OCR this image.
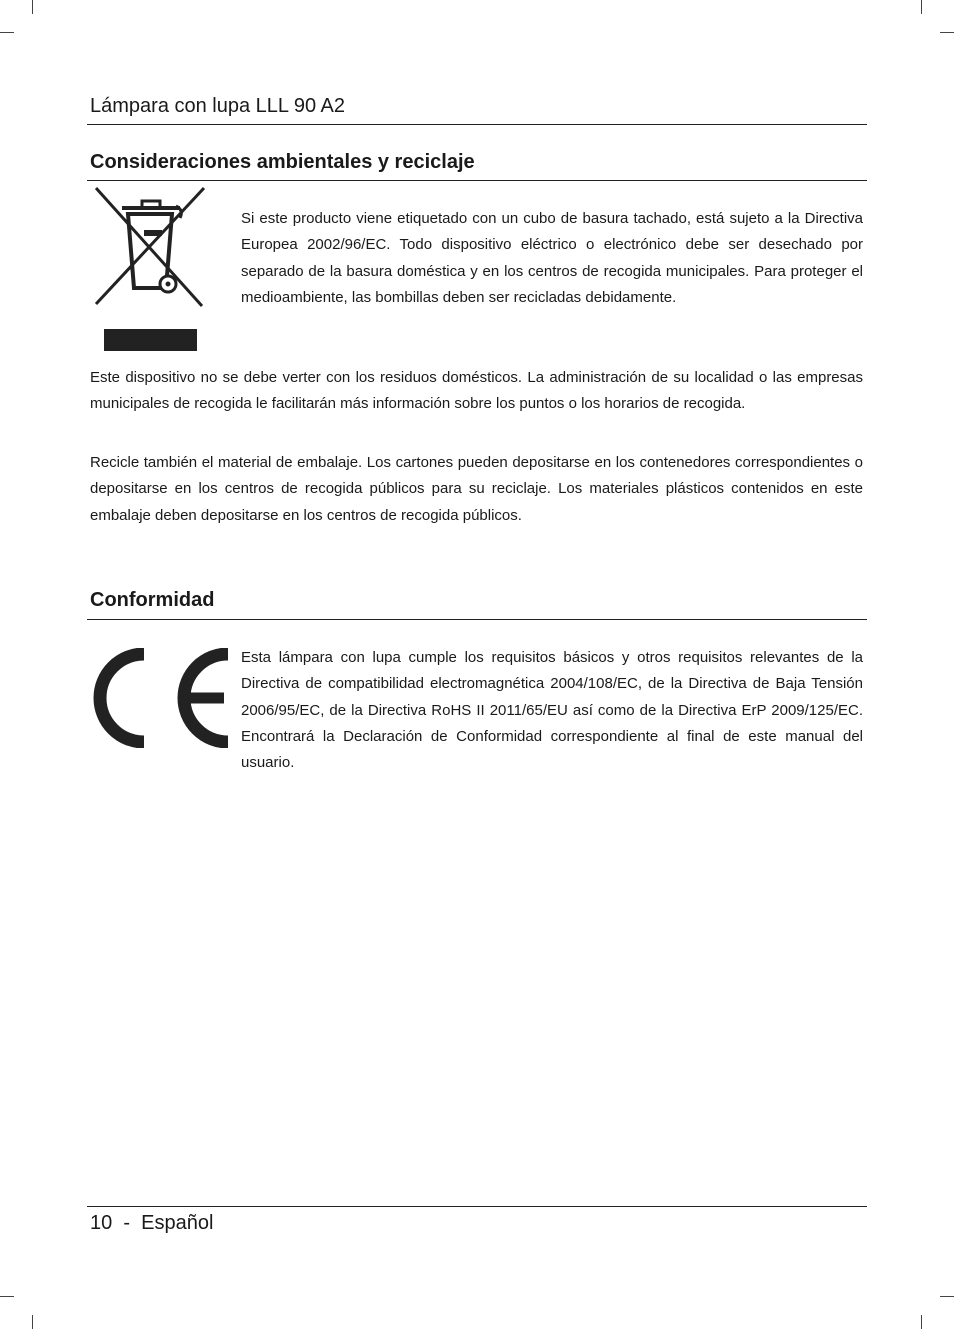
Lámpara con lupa LLL 90 A2
Consideraciones ambientales y reciclaje

Si este producto viene etiquetado con un cubo de basura tachado, está sujeto a la Directiva Europea 2002/96/EC. Todo dispositivo eléctrico o electrónico debe ser desechado por separado de la basura doméstica y en los centros de recogida municipales. Para proteger el medioambiente, las bombillas deben ser recicladas debidamente.

Este dispositivo no se debe verter con los residuos domésticos. La administración de su localidad o las empresas municipales de recogida le facilitarán más información sobre los puntos o los horarios de recogida.

Recicle también el material de embalaje. Los cartones pueden depositarse en los contenedores correspondientes o depositarse en los centros de recogida públicos para su reciclaje. Los materiales plásticos contenidos en este embalaje deben depositarse en los centros de recogida públicos.

Conformidad

Esta lámpara con lupa cumple los requisitos básicos y otros requisitos relevantes de la Directiva de compatibilidad electromagnética 2004/108/EC, de la Directiva de Baja Tensión 2006/95/EC, de la Directiva RoHS II 2011/65/EU así como de la Directiva ErP 2009/125/EC. Encontrará la Declaración de Conformidad correspondiente al final de este manual del usuario.

10  -  Español
